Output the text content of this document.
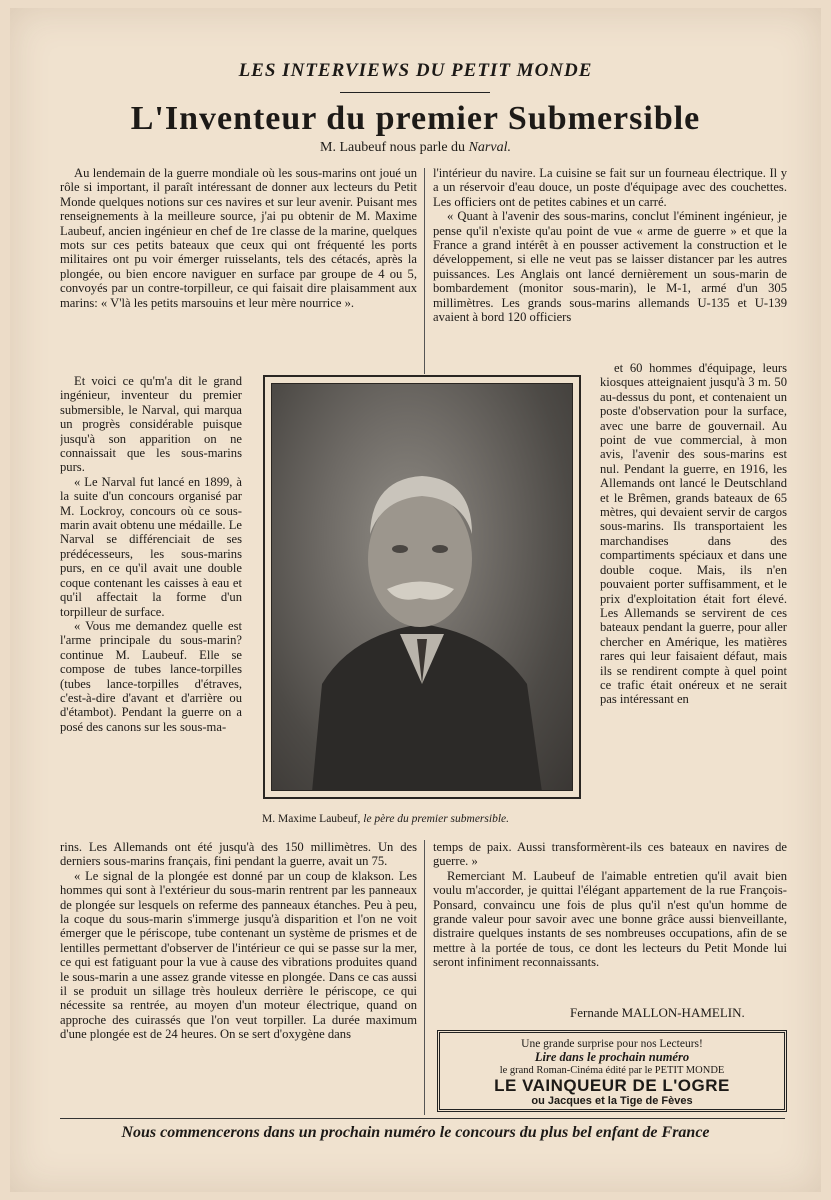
LES INTERVIEWS DU PETIT MONDE
L'Inventeur du premier Submersible
M. Laubeuf nous parle du Narval.

Au lendemain de la guerre mondiale où les sous-marins ont joué un rôle si important, il paraît intéressant de donner aux lecteurs du Petit Monde quelques notions sur ces navires et sur leur avenir. Puisant mes renseignements à la meilleure source, j'ai pu obtenir de M. Maxime Laubeuf, ancien ingénieur en chef de 1re classe de la marine, quelques mots sur ces petits bateaux que ceux qui ont fréquenté les ports militaires ont pu voir émerger ruisselants, tels des cétacés, après la plongée, ou bien encore naviguer en surface par groupe de 4 ou 5, convoyés par un contre-torpilleur, ce qui faisait dire plaisamment aux marins: « V'là les petits marsouins et leur mère nourrice ».

Et voici ce qu'm'a dit le grand ingénieur, inventeur du premier submersible, le Narval, qui marqua un progrès considérable puisque jusqu'à son apparition on ne connaissait que les sous-marins purs.

« Le Narval fut lancé en 1899, à la suite d'un concours organisé par M. Lockroy, concours où ce sous-marin avait obtenu une médaille. Le Narval se différenciait de ses prédécesseurs, les sous-marins purs, en ce qu'il avait une double coque contenant les caisses à eau et qu'il affectait la forme d'un torpilleur de surface.

« Vous me demandez quelle est l'arme principale du sous-marin? continue M. Laubeuf. Elle se compose de tubes lance-torpilles (tubes lance-torpilles d'étraves, c'est-à-dire d'avant et d'arrière ou d'étambot). Pendant la guerre on a posé des canons sur les sous-ma-

rins. Les Allemands ont été jusqu'à des 150 millimètres. Un des derniers sous-marins français, fini pendant la guerre, avait un 75.

« Le signal de la plongée est donné par un coup de klakson. Les hommes qui sont à l'extérieur du sous-marin rentrent par les panneaux de plongée sur lesquels on referme des panneaux étanches. Peu à peu, la coque du sous-marin s'immerge jusqu'à disparition et l'on ne voit émerger que le périscope, tube contenant un système de prismes et de lentilles permettant d'observer de l'intérieur ce qui se passe sur la mer, ce qui est fatiguant pour la vue à cause des vibrations produites quand le sous-marin a une assez grande vitesse en plongée. Dans ce cas aussi il se produit un sillage très houleux derrière le périscope, ce qui nécessite sa rentrée, au moyen d'un moteur électrique, quand on approche des cuirassés que l'on veut torpiller. La durée maximum d'une plongée est de 24 heures. On se sert d'oxygène dans

l'intérieur du navire. La cuisine se fait sur un fourneau électrique. Il y a un réservoir d'eau douce, un poste d'équipage avec des couchettes. Les officiers ont de petites cabines et un carré.

« Quant à l'avenir des sous-marins, conclut l'éminent ingénieur, je pense qu'il n'existe qu'au point de vue « arme de guerre » et que la France a grand intérêt à en pousser activement la construction et le développement, si elle ne veut pas se laisser distancer par les autres puissances. Les Anglais ont lancé dernièrement un sous-marin de bombardement (monitor sous-marin), le M-1, armé d'un 305 millimètres. Les grands sous-marins allemands U-135 et U-139 avaient à bord 120 officiers

et 60 hommes d'équipage, leurs kiosques atteignaient jusqu'à 3 m. 50 au-dessus du pont, et contenaient un poste d'observation pour la surface, avec une barre de gouvernail. Au point de vue commercial, à mon avis, l'avenir des sous-marins est nul. Pendant la guerre, en 1916, les Allemands ont lancé le Deutschland et le Brêmen, grands bateaux de 65 mètres, qui devaient servir de cargos sous-marins. Ils transportaient les marchandises dans des compartiments spéciaux et dans une double coque. Mais, ils n'en pouvaient porter suffisamment, et le prix d'exploitation était fort élevé. Les Allemands se servirent de ces bateaux pendant la guerre, pour aller chercher en Amérique, les matières rares qui leur faisaient défaut, mais ils se rendirent compte à quel point ce trafic était onéreux et ne serait pas intéressant en

temps de paix. Aussi transformèrent-ils ces bateaux en navires de guerre. »

Remerciant M. Laubeuf de l'aimable entretien qu'il avait bien voulu m'accorder, je quittai l'élégant appartement de la rue François-Ponsard, convaincu une fois de plus qu'il n'est qu'un homme de grande valeur pour savoir avec une bonne grâce aussi bienveillante, distraire quelques instants de ses nombreuses occupations, afin de se mettre à la portée de tous, ce dont les lecteurs du Petit Monde lui seront infiniment reconnaissants.

Fernande MALLON-HAMELIN.
M. Maxime Laubeuf, le père du premier submersible.
Une grande surprise pour nos Lecteurs!
Lire dans le prochain numéro
le grand Roman-Cinéma édité par le PETIT MONDE
LE VAINQUEUR DE L'OGRE
ou Jacques et la Tige de Fèves
Nous commencerons dans un prochain numéro le concours du plus bel enfant de France
